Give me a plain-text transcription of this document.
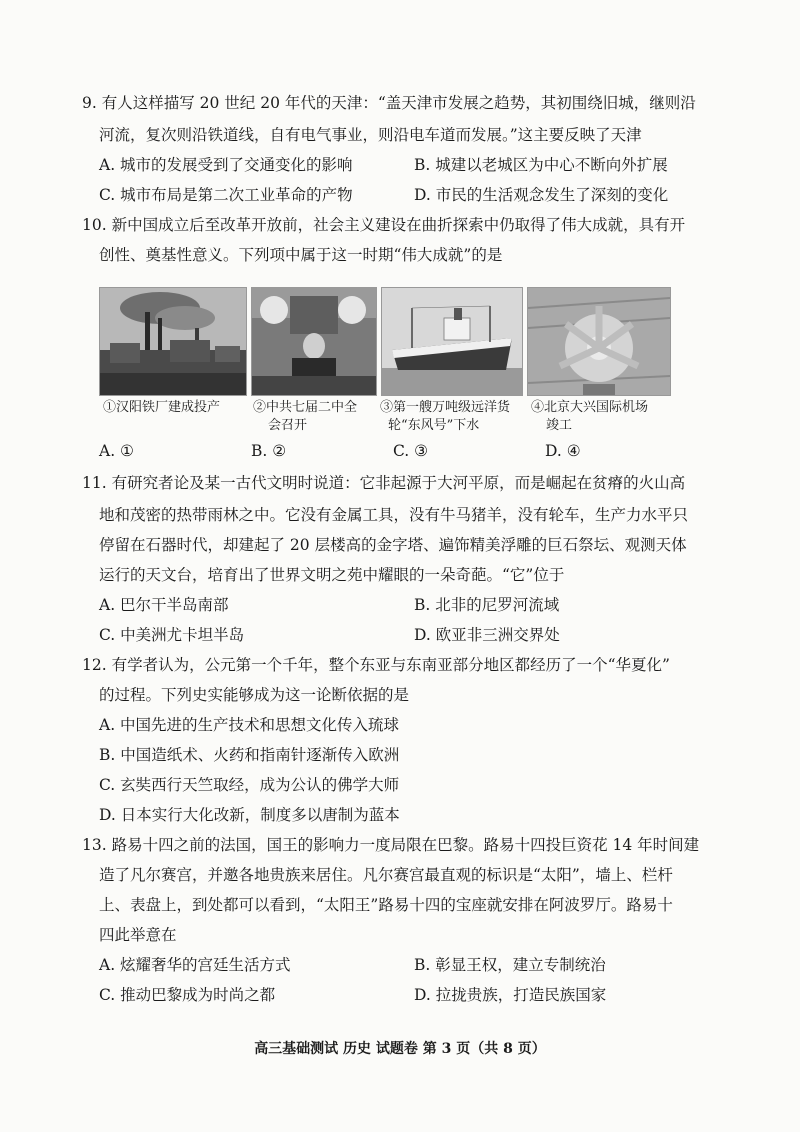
9. 有人这样描写 20 世纪 20 年代的天津：“盖天津市发展之趋势，其初围绕旧城，继则沿
河流，复次则沿铁道线，自有电气事业，则沿电车道而发展。”这主要反映了天津
A. 城市的发展受到了交通变化的影响	B. 城建以老城区为中心不断向外扩展
C. 城市布局是第二次工业革命的产物	D. 市民的生活观念发生了深刻的变化
10. 新中国成立后至改革开放前，社会主义建设在曲折探索中仍取得了伟大成就，具有开
创性、奠基性意义。下列项中属于这一时期“伟大成就”的是
①汉阳铁厂建成投产	②中共七届二中全
会召开
③第一艘万吨级远洋货
轮“东风号”下水
④北京大兴国际机场
竣工
A. ①	B. ②	C. ③	D. ④
11. 有研究者论及某一古代文明时说道：它非起源于大河平原，而是崛起在贫瘠的火山高
地和茂密的热带雨林之中。它没有金属工具，没有牛马猪羊，没有轮车，生产力水平只
停留在石器时代，却建起了 20 层楼高的金字塔、遍饰精美浮雕的巨石祭坛、观测天体
运行的天文台，培育出了世界文明之苑中耀眼的一朵奇葩。“它”位于
A. 巴尔干半岛南部	B. 北非的尼罗河流域
C. 中美洲尤卡坦半岛	D. 欧亚非三洲交界处
12. 有学者认为，公元第一个千年，整个东亚与东南亚部分地区都经历了一个“华夏化”
的过程。下列史实能够成为这一论断依据的是
A. 中国先进的生产技术和思想文化传入琉球
B. 中国造纸术、火药和指南针逐渐传入欧洲
C. 玄奘西行天竺取经，成为公认的佛学大师
D. 日本实行大化改新，制度多以唐制为蓝本
13. 路易十四之前的法国，国王的影响力一度局限在巴黎。路易十四投巨资花 14 年时间建
造了凡尔赛宫，并邀各地贵族来居住。凡尔赛宫最直观的标识是“太阳”，墙上、栏杆
上、表盘上，到处都可以看到，“太阳王”路易十四的宝座就安排在阿波罗厅。路易十
四此举意在
A. 炫耀奢华的宫廷生活方式	B. 彰显王权，建立专制统治
C. 推动巴黎成为时尚之都	D. 拉拢贵族，打造民族国家
高三基础测试 历史 试题卷 第 3 页（共 8 页）
